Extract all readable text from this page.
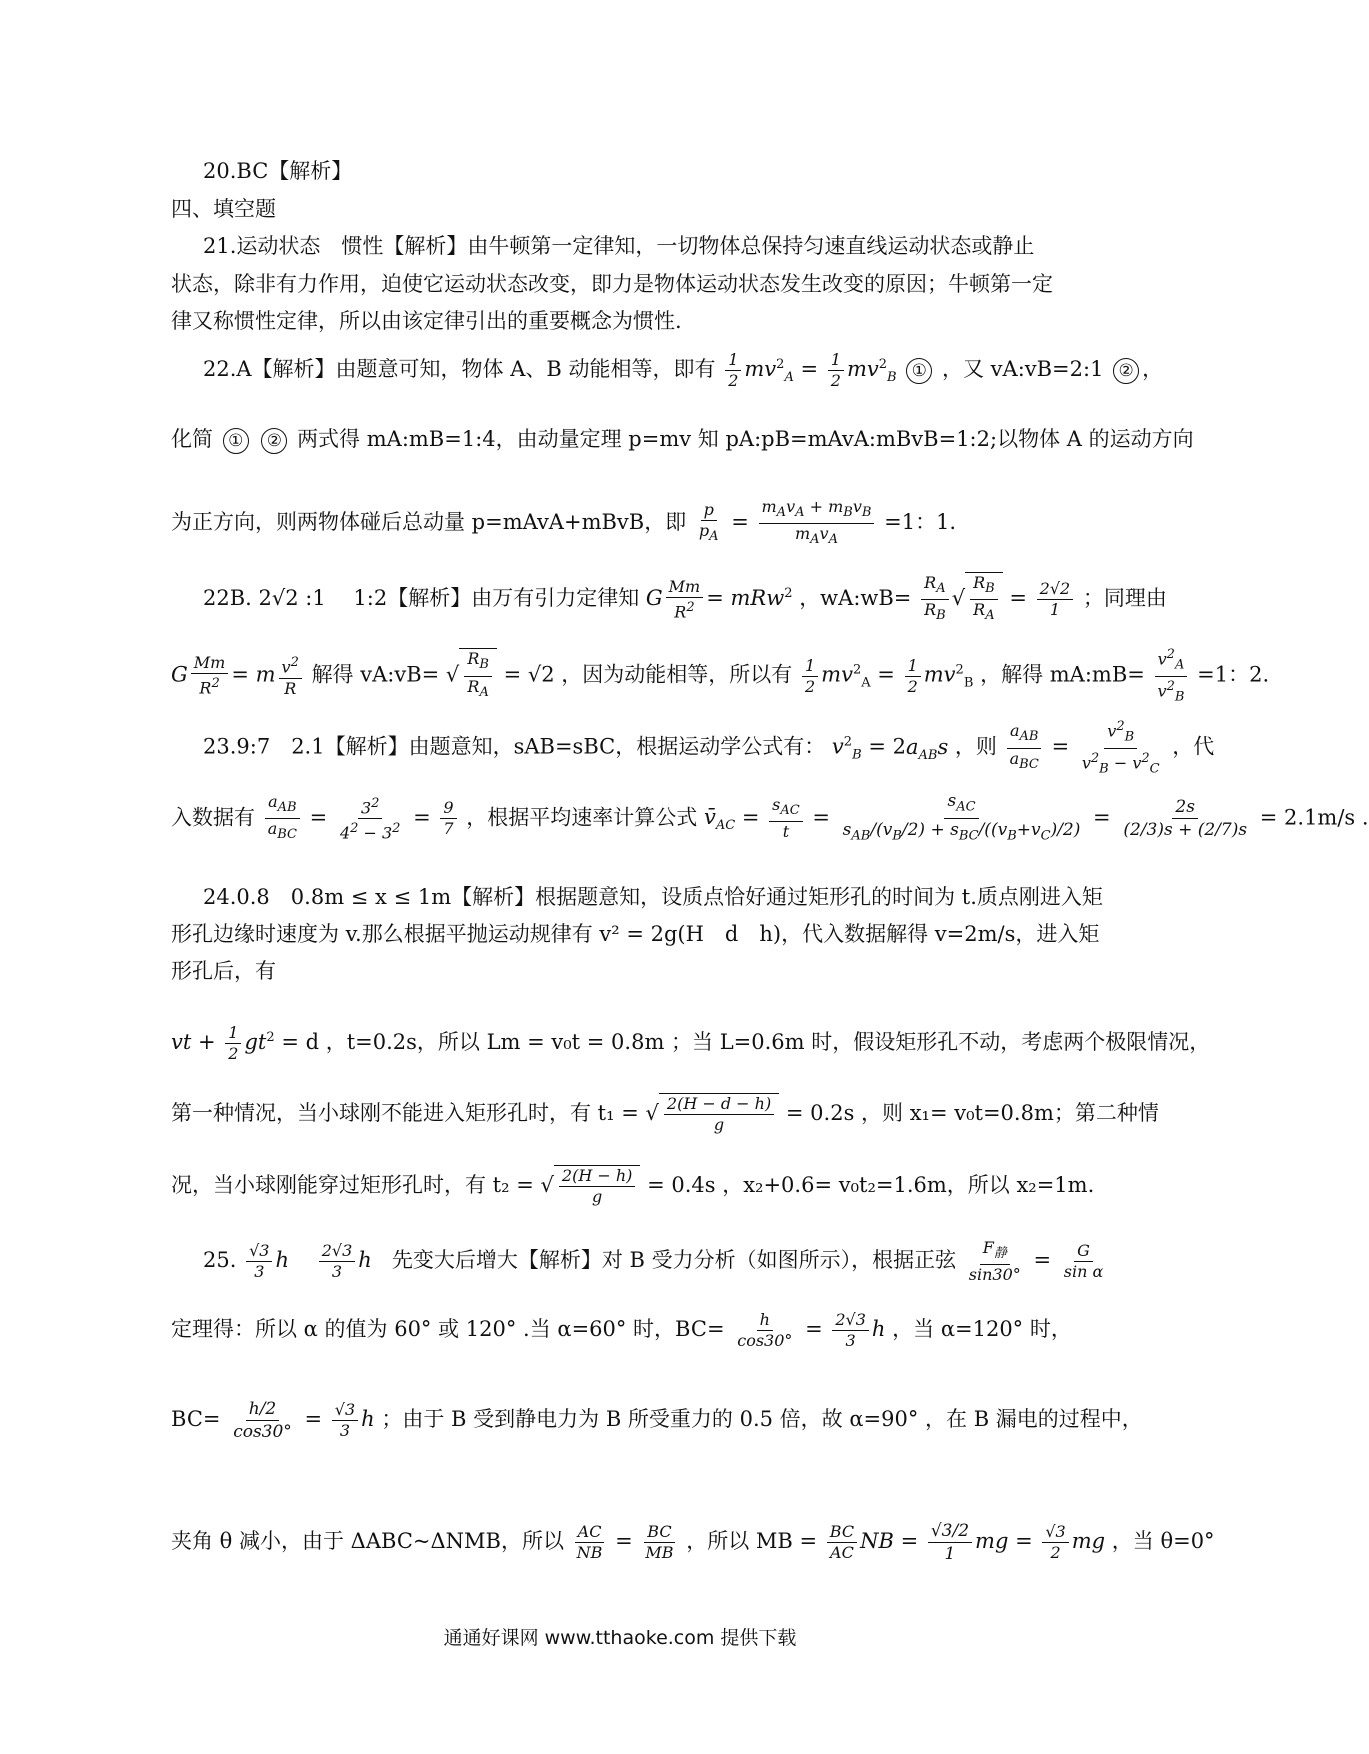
20.BC【解析】
四、填空题
21.运动状态　惯性【解析】由牛顿第一定律知，一切物体总保持匀速直线运动状态或静止
状态，除非有力作用，迫使它运动状态改变，即力是物体运动状态发生改变的原因；牛顿第一定
律又称惯性定律，所以由该定律引出的重要概念为惯性.
22.A【解析】由题意可知，物体 A、B 动能相等，即有 $\frac{1}{2} mv^2_A = \frac{1}{2} mv^2_B$ ① ，又 vA:vB=2:1 ② ，
化简 ① ② 两式得 mA:mB=1:4，由动量定理 p=mv 知 pA:pB=mAvA:mBvB=1:2;以物体 A 的运动方向
为正方向，则两物体碰后总动量 p=mAvA+mBvB，即 $\frac{p}{p_A} = \frac{m_Av_A + m_Bv_B}{m_Av_A} =1$：1.
22B. 2√2 :1　 1:2【解析】由万有引力定律知 G $\frac{Mm}{R^2} = mRw^2$ ，wA:wB= $\frac{R_A}{R_B}$ √ $\frac{R_B}{R_A} = \frac{2√2}{1}$ ；同理由
G $\frac{Mm}{R^2} = m \frac{v^2}{R}$ 解得 vA:vB= √ $\frac{R_B}{R_A} = √2$ ，因为动能相等，所以有 $\frac{1}{2} mv^2_A = \frac{1}{2} mv^2_B$ ，解得 mA:mB= $\frac{v^2_A}{v^2_B} =1$：2.
23.9:7　2.1【解析】由题意知，sAB=sBC，根据运动学公式有： $v^2_B = 2a_{AB}s$ ，则 $\frac{a_{AB}}{a_{BC}} = \frac{v^2_B}{v^2_B - v^2_C}$ ，代
入数据有 $\frac{a_{AB}}{a_{BC}} = \frac{3^2}{4^2 - 3^2} = \frac{9}{7}$ ，根据平均速率计算公式 $v̄_{AC} = \frac{s_{AC}}{t} = \frac{s_{AC}}{s_{AB}/(v_B/2) + s_{BC}/((v_B+v_C)/2)} = \frac{2s}{(2/3)s + (2/7)s} = 2.1m/s$ .
24.0.8　0.8m ≤ x ≤ 1m【解析】根据题意知，设质点恰好通过矩形孔的时间为 t.质点刚进入矩
形孔边缘时速度为 v.那么根据平抛运动规律有 v² = 2g(H　d　h)，代入数据解得 v=2m/s，进入矩
形孔后，有
vt + $\frac{1}{2} gt^2 = d$ ，t=0.2s，所以 Lm = v₀t = 0.8m ；当 L=0.6m 时，假设矩形孔不动，考虑两个极限情况，
第一种情况，当小球刚不能进入矩形孔时，有 t₁ = √ $\frac{2(H - d - h)}{g} = 0.2s$ ，则 x₁= v₀t=0.8m；第二种情
况，当小球刚能穿过矩形孔时，有 t₂ = √ $\frac{2(H - h)}{g} = 0.4s$ ，x₂+0.6= v₀t₂=1.6m，所以 x₂=1m.
25. $\frac{√3}{3}$ h $\frac{2√3}{3}$ h 先变大后增大【解析】对 B 受力分析（如图所示），根据正弦 $\frac{F_静}{\sin 30^\circ} = \frac{G}{\text{sin α}}$
定理得：所以 α 的值为 60° 或 120° .当 α=60° 时，$BC= \frac{h}{\cos 30^\circ} = \frac{2√3}{3}$ h ，当 α=120° 时，
$BC= \frac{h/2}{\cos 30^\circ} = \frac{√3}{3}$ h ；由于 B 受到静电力为 B 所受重力的 0.5 倍，故 α=90° ，在 B 漏电的过程中，
夹角 θ 减小，由于 ΔABC~ΔNMB，所以 $\frac{AC}{NB} = \frac{BC}{MB}$ ，所以 MB = $\frac{BC}{AC}$ NB = $\frac{√3/2}{1}$ mg = $\frac{√3}{2}$ mg ，当 θ=0°
通通好课网 www.tthaoke.com 提供下载
